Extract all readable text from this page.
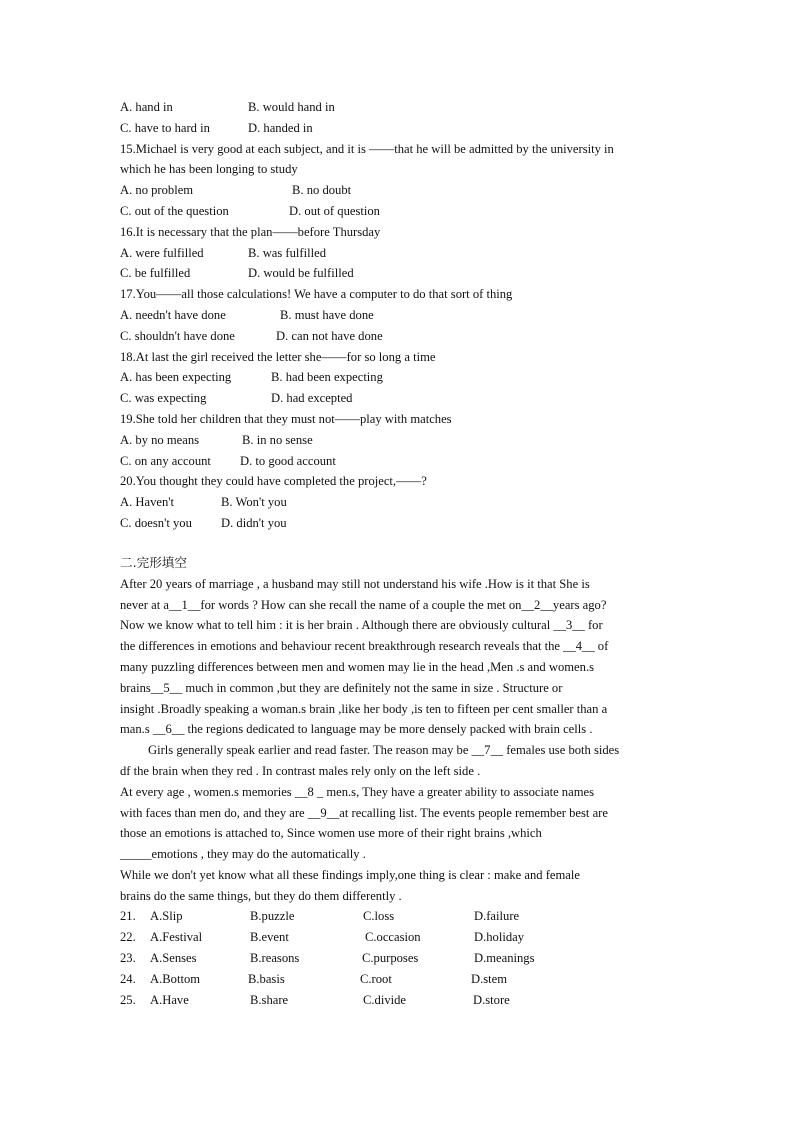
A. hand in	B. would hand in
C. have to hard in	D. handed in
15.Michael is very good at each subject, and it is ——that he will be admitted by the university in
which he has been longing to study
A. no problem	B. no doubt
C. out of the question	D. out of question
16.It is necessary that the plan——before Thursday
A. were fulfilled	B. was fulfilled
C. be fulfilled	D. would be fulfilled
17.You——all those calculations! We have a computer to do that sort of thing
A. needn't have done	B. must have done
C. shouldn't have done	D. can not have done
18.At last the girl received the letter she——for so long a time
A. has been expecting	B. had been expecting
C. was expecting	D. had excepted
19.She told her children that they must not——play with matches
A. by no means	B. in no sense
C. on any account D. to good account
20.You thought they could have completed the project,——?
A. Haven't	B. Won't you
C. doesn't you D. didn't you
二.完形填空
After 20 years of marriage , a husband may still not understand his wife .How is it that She is
never at a__1__for words ? How can she recall the name of a couple the met on__2__years ago?
Now we know what to tell him : it is her brain . Although there are obviously cultural __3__ for
the differences in emotions and behaviour recent breakthrough research reveals that the __4__ of
many puzzling differences between men and women may lie in the head ,Men .s and women.s
brains__5__ much in common ,but they are definitely not the same in size . Structure or
insight .Broadly speaking a woman.s brain ,like her body ,is ten to fifteen per cent smaller than a
man.s __6__ the regions dedicated to language may be more densely packed with brain cells .
Girls generally speak earlier and read faster. The reason may be __7__ females use both sides
df the brain when they red . In contrast males rely only on the left side .
At every age , women.s memories __8 _ men.s, They have a greater ability to associate names
with faces than men do, and they are __9__at recalling list. The events people remember best are
those an emotions is attached to, Since women use more of their right brains ,which
_____emotions , they may do the automatically .
While we don't yet know what all these findings imply,one thing is clear : make and female
brains do the same things, but they do them differently .
21. A.Slip	B.puzzle	C.loss	D.failure
22. A.Festival	B.event	C.occasion	D.holiday
23. A.Senses	B.reasons	C.purposes	D.meanings
24. A.Bottom	B.basis	C.root	D.stem
25. A.Have	B.share	C.divide	D.store
